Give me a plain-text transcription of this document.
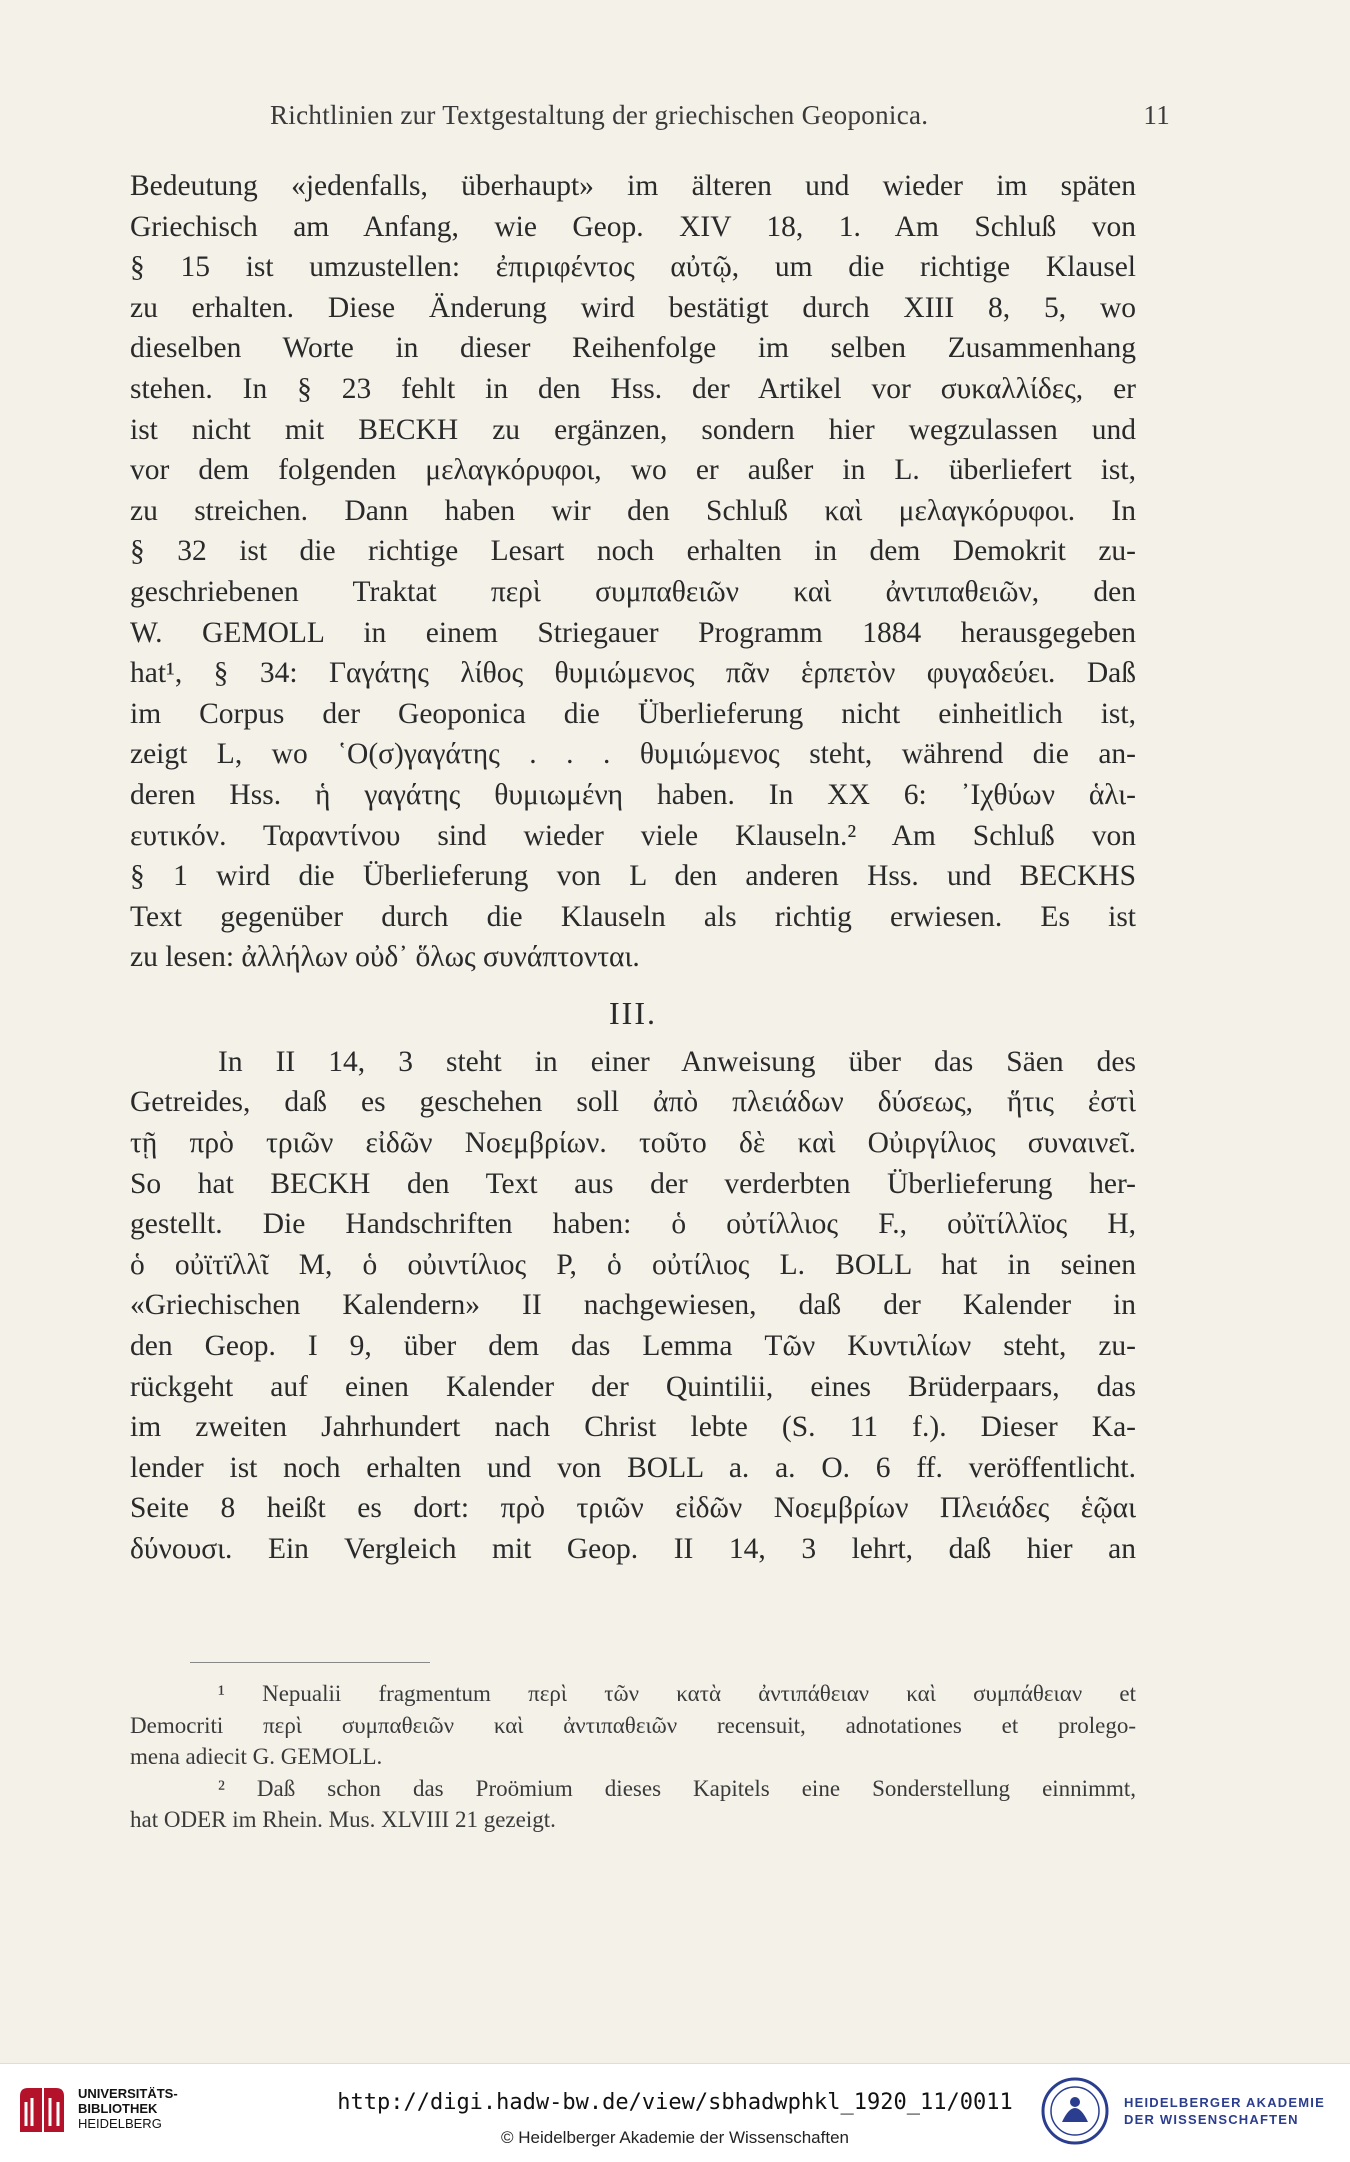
Richtlinien zur Textgestaltung der griechischen Geoponica.	11
Bedeutung «jedenfalls, überhaupt» im älteren und wieder im späten
Griechisch am Anfang, wie Geop. XIV 18, 1. Am Schluß von
§ 15 ist umzustellen: ἐπιριφέντος αὐτῷ, um die richtige Klausel
zu erhalten. Diese Änderung wird bestätigt durch XIII 8, 5, wo
dieselben Worte in dieser Reihenfolge im selben Zusammenhang
stehen. In § 23 fehlt in den Hss. der Artikel vor συκαλλίδες, er
ist nicht mit BECKH zu ergänzen, sondern hier wegzulassen und
vor dem folgenden μελαγκόρυφοι, wo er außer in L. überliefert ist,
zu streichen. Dann haben wir den Schluß καὶ μελαγκόρυφοι. In
§ 32 ist die richtige Lesart noch erhalten in dem Demokrit zu-
geschriebenen Traktat περὶ συμπαθειῶν καὶ ἀντιπαθειῶν, den
W. GEMOLL in einem Striegauer Programm 1884 herausgegeben
hat¹, § 34: Γαγάτης λίθος θυμιώμενος πᾶν ἑρπετὸν φυγαδεύει. Daß
im Corpus der Geoponica die Überlieferung nicht einheitlich ist,
zeigt L, wo ῾Ο(σ)γαγάτης . . . θυμιώμενος steht, während die an-
deren Hss. ἡ γαγάτης θυμιωμένη haben. In XX 6: ᾿Ιχθύων ἁλι-
ευτικόν. Ταραντίνου sind wieder viele Klauseln.² Am Schluß von
§ 1 wird die Überlieferung von L den anderen Hss. und BECKHS
Text gegenüber durch die Klauseln als richtig erwiesen. Es ist
zu lesen: ἀλλήλων οὐδ᾿ ὅλως συνάπτονται.
III.
In II 14, 3 steht in einer Anweisung über das Säen des
Getreides, daß es geschehen soll ἀπὸ πλειάδων δύσεως, ἥτις ἐστὶ
τῇ πρὸ τριῶν εἰδῶν Νοεμβρίων. τοῦτο δὲ καὶ Οὐιργίλιος συναινεῖ.
So hat BECKH den Text aus der verderbten Überlieferung her-
gestellt. Die Handschriften haben: ὁ οὐτίλλιος F., οὐϊτίλλϊος H,
ὁ οὐϊτϊλλῖ M, ὁ οὐιντίλιος P, ὁ οὐτίλιος L. BOLL hat in seinen
«Griechischen Kalendern» II nachgewiesen, daß der Kalender in
den Geop. I 9, über dem das Lemma Τῶν Κυντιλίων steht, zu-
rückgeht auf einen Kalender der Quintilii, eines Brüderpaars, das
im zweiten Jahrhundert nach Christ lebte (S. 11 f.). Dieser Ka-
lender ist noch erhalten und von BOLL a. a. O. 6 ff. veröffentlicht.
Seite 8 heißt es dort: πρὸ τριῶν εἰδῶν Νοεμβρίων Πλειάδες ἑῷαι
δύνουσι. Ein Vergleich mit Geop. II 14, 3 lehrt, daß hier an
¹ Nepualii fragmentum περὶ τῶν κατὰ ἀντιπάθειαν καὶ συμπάθειαν et
Democriti περὶ συμπαθειῶν καὶ ἀντιπαθειῶν recensuit, adnotationes et prolego-
mena adiecit G. GEMOLL.
² Daß schon das Proömium dieses Kapitels eine Sonderstellung einnimmt,
hat ODER im Rhein. Mus. XLVIII 21 gezeigt.
UNIVERSITÄTS-
BIBLIOTHEK
HEIDELBERG
http://digi.hadw-bw.de/view/sbhadwphkl_1920_11/0011
© Heidelberger Akademie der Wissenschaften
HEIDELBERGER AKADEMIE
DER WISSENSCHAFTEN
